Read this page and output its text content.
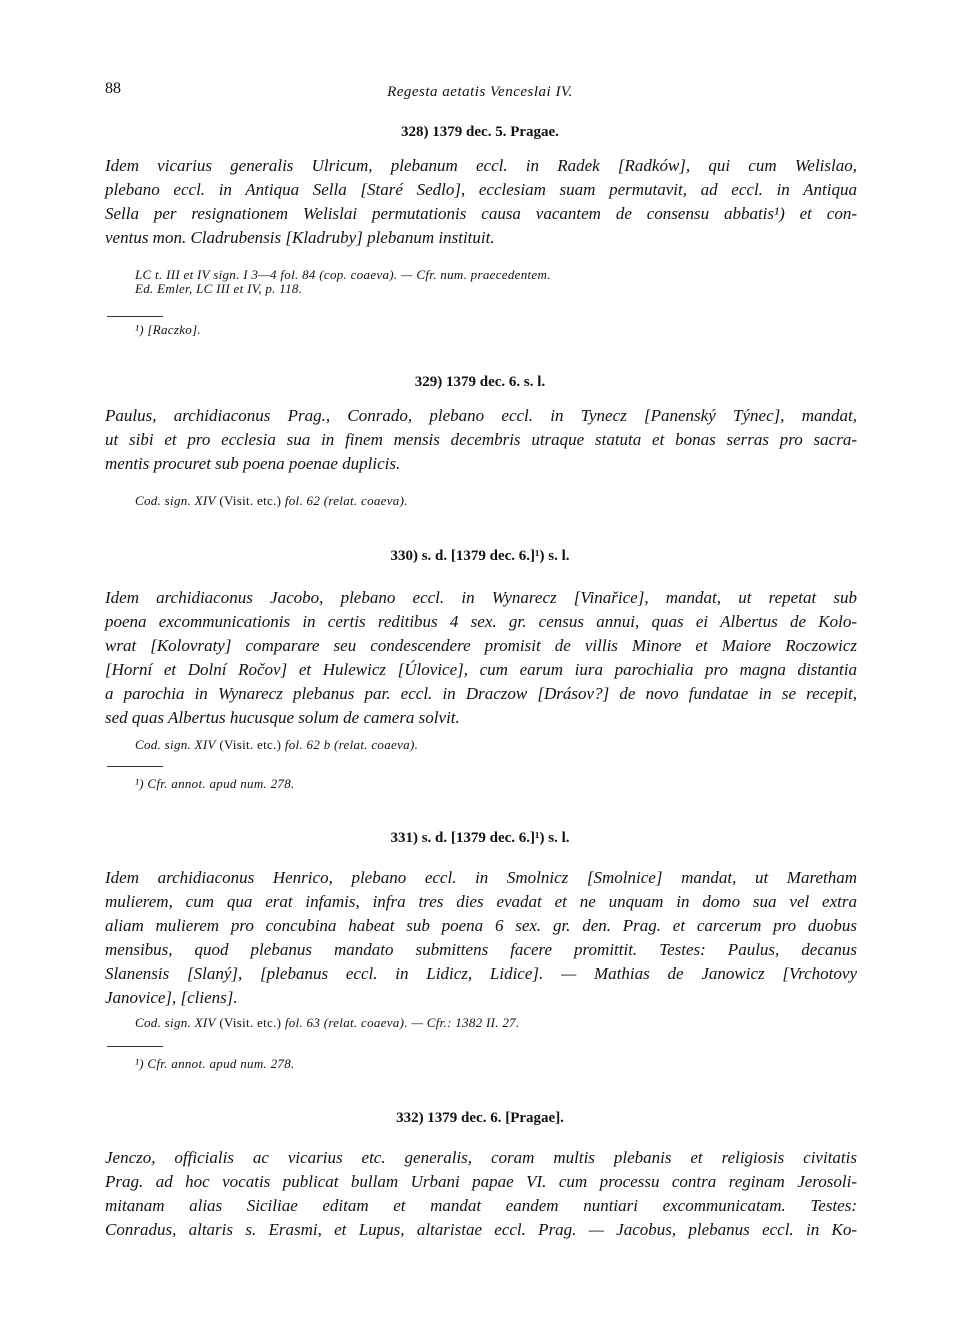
88	Regesta aetatis Venceslai IV.
328) 1379 dec. 5. Pragae.

Idem vicarius generalis Ulricum, plebanum eccl. in Radek [Radków], qui cum Welislao,
plebano eccl. in Antiqua Sella [Staré Sedlo], ecclesiam suam permutavit, ad eccl. in Antiqua
Sella per resignationem Welislai permutationis causa vacantem de consensu abbatis¹) et con-
ventus mon. Cladrubensis [Kladruby] plebanum instituit.

LC t. III et IV sign. I 3—4 fol. 84 (cop. coaeva). — Cfr. num. praecedentem.
Ed. Emler, LC III et IV, p. 118.
¹) [Raczko].
329) 1379 dec. 6. s. l.

Paulus, archidiaconus Prag., Conrado, plebano eccl. in Tynecz [Panenský Týnec], mandat,
ut sibi et pro ecclesia sua in finem mensis decembris utraque statuta et bonas serras pro sacra-
mentis procuret sub poena poenae duplicis.

Cod. sign. XIV (Visit. etc.) fol. 62 (relat. coaeva).
330) s. d. [1379 dec. 6.]¹) s. l.

Idem archidiaconus Jacobo, plebano eccl. in Wynarecz [Vinařice], mandat, ut repetat sub
poena excommunicationis in certis reditibus 4 sex. gr. census annui, quas ei Albertus de Kolo-
wrat [Kolovraty] comparare seu condescendere promisit de villis Minore et Maiore Roczowicz
[Horní et Dolní Ročov] et Hulewicz [Úlovice], cum earum iura parochialia pro magna distantia
a parochia in Wynarecz plebanus par. eccl. in Draczow [Drásov?] de novo fundatae in se recepit,
sed quas Albertus hucusque solum de camera solvit.

Cod. sign. XIV (Visit. etc.) fol. 62 b (relat. coaeva).
¹) Cfr. annot. apud num. 278.
331) s. d. [1379 dec. 6.]¹) s. l.

Idem archidiaconus Henrico, plebano eccl. in Smolnicz [Smolnice] mandat, ut Maretham
mulierem, cum qua erat infamis, infra tres dies evadat et ne unquam in domo sua vel extra
aliam mulierem pro concubina habeat sub poena 6 sex. gr. den. Prag. et carcerum pro duobus
mensibus, quod plebanus mandato submittens facere promittit. Testes: Paulus, decanus
Slanensis [Slaný], [plebanus eccl. in Lidicz, Lidice]. — Mathias de Janowicz [Vrchotovy
Janovice], [cliens].

Cod. sign. XIV (Visit. etc.) fol. 63 (relat. coaeva). — Cfr.: 1382 II. 27.
¹) Cfr. annot. apud num. 278.
332) 1379 dec. 6. [Pragae].

Jenczo, officialis ac vicarius etc. generalis, coram multis plebanis et religiosis civitatis
Prag. ad hoc vocatis publicat bullam Urbani papae VI. cum processu contra reginam Jerosoli-
mitanam alias Siciliae editam et mandat eandem nuntiari excommunicatam. Testes:
Conradus, altaris s. Erasmi, et Lupus, altaristae eccl. Prag. — Jacobus, plebanus eccl. in Ko-
